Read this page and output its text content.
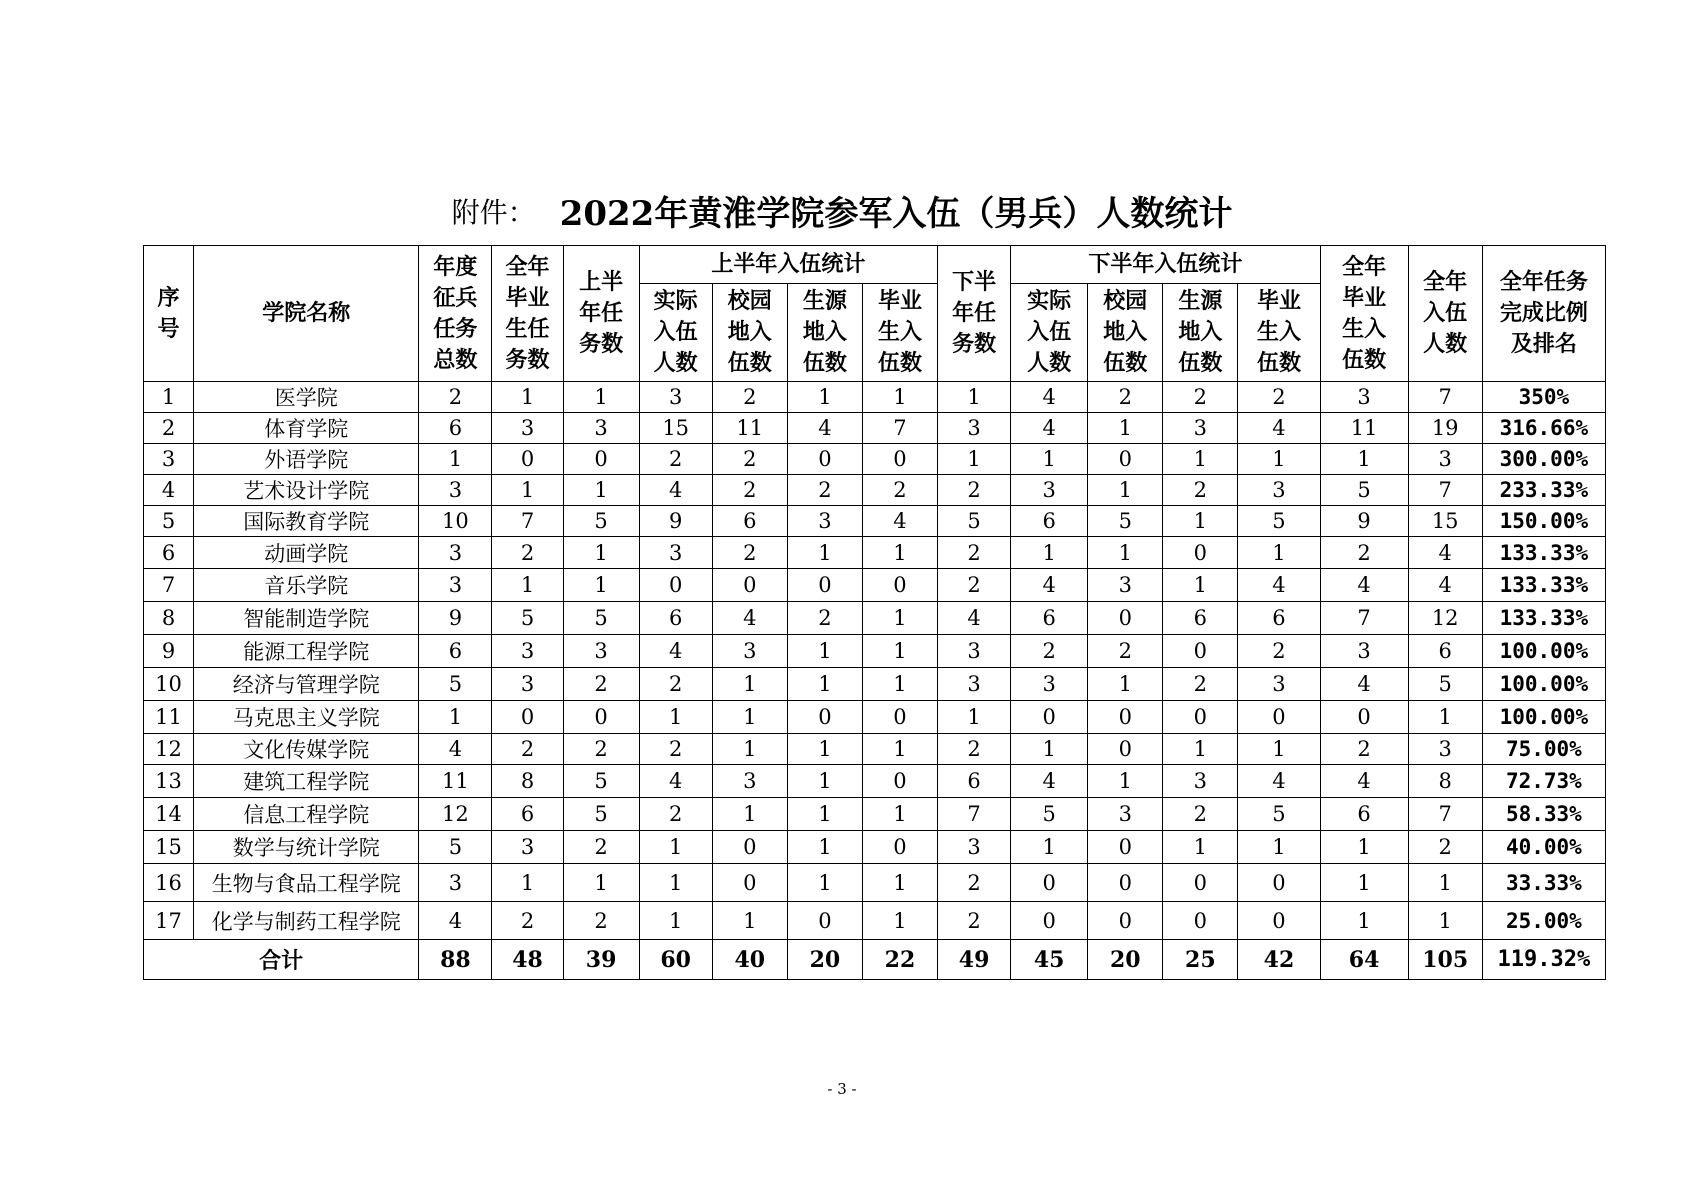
附件： 2022年黄淮学院参军入伍（男兵）人数统计
序号	学院名称	年度征兵任务总数	全年毕业生任务数	上半年任务数	上半年入伍统计				下半年任务数	下半年入伍统计				全年毕业生入伍数	全年入伍人数	全年任务完成比例及排名

					实际入伍人数	校园地入伍数	生源地入伍数	毕业生入伍数		实际入伍人数	校园地入伍数	生源地入伍数	毕业生入伍数			

1	医学院	2	1	1	3	2	1	1	1	4	2	2	2	3	7	350%
2	体育学院	6	3	3	15	11	4	7	3	4	1	3	4	11	19	316.66%
3	外语学院	1	0	0	2	2	0	0	1	1	0	1	1	1	3	300.00%
4	艺术设计学院	3	1	1	4	2	2	2	2	3	1	2	3	5	7	233.33%
5	国际教育学院	10	7	5	9	6	3	4	5	6	5	1	5	9	15	150.00%
6	动画学院	3	2	1	3	2	1	1	2	1	1	0	1	2	4	133.33%
7	音乐学院	3	1	1	0	0	0	0	2	4	3	1	4	4	4	133.33%
8	智能制造学院	9	5	5	6	4	2	1	4	6	0	6	6	7	12	133.33%
9	能源工程学院	6	3	3	4	3	1	1	3	2	2	0	2	3	6	100.00%
10	经济与管理学院	5	3	2	2	1	1	1	3	3	1	2	3	4	5	100.00%
11	马克思主义学院	1	0	0	1	1	0	0	1	0	0	0	0	0	1	100.00%
12	文化传媒学院	4	2	2	2	1	1	1	2	1	0	1	1	2	3	75.00%
13	建筑工程学院	11	8	5	4	3	1	0	6	4	1	3	4	4	8	72.73%
14	信息工程学院	12	6	5	2	1	1	1	7	5	3	2	5	6	7	58.33%
15	数学与统计学院	5	3	2	1	0	1	0	3	1	0	1	1	1	2	40.00%
16	生物与食品工程学院	3	1	1	1	0	1	1	2	0	0	0	0	1	1	33.33%
17	化学与制药工程学院	4	2	2	1	1	0	1	2	0	0	0	0	1	1	25.00%
合计		88	48	39	60	40	20	22	49	45	20	25	42	64	105	119.32%
- 3 -
